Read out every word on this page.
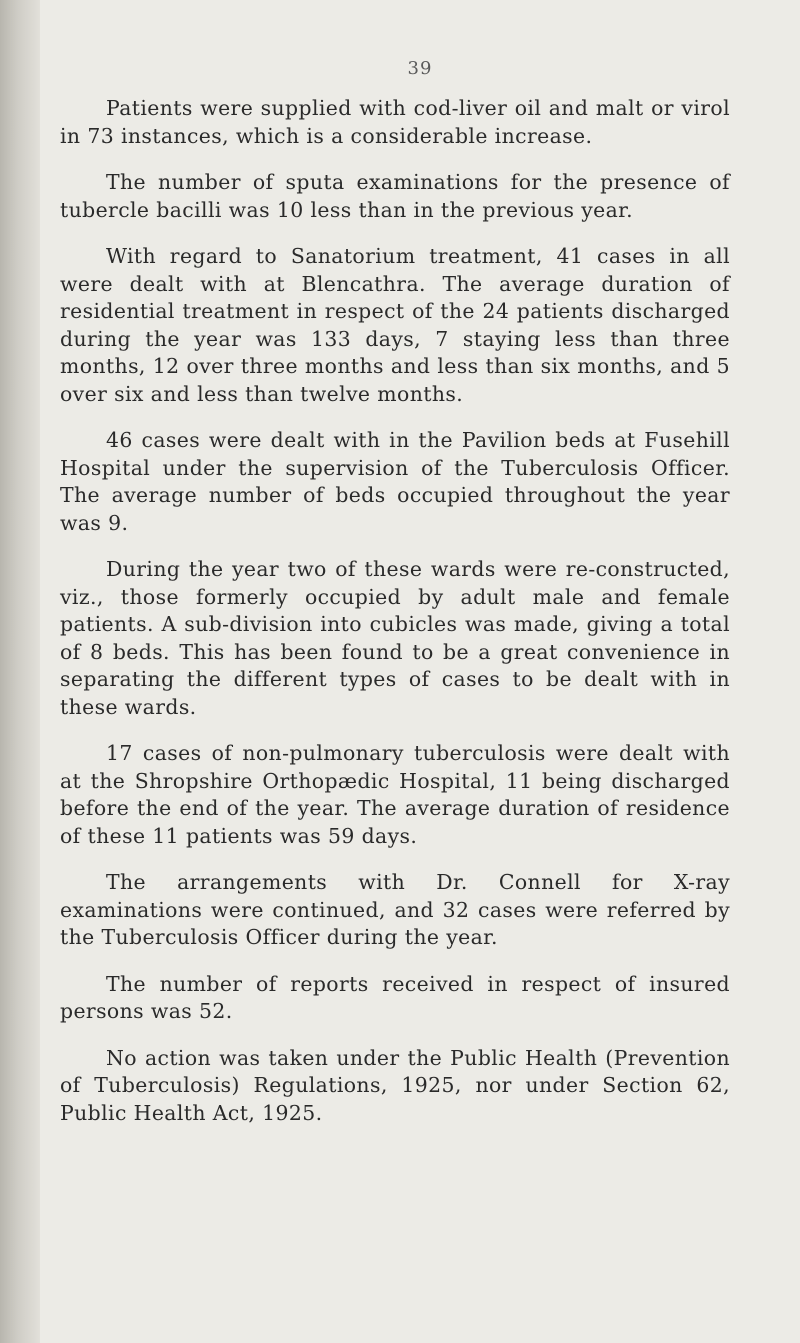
39

Patients were supplied with cod-liver oil and malt or virol in 73 instances, which is a considerable increase.

The number of sputa examinations for the presence of tubercle bacilli was 10 less than in the previous year.

With regard to Sanatorium treatment, 41 cases in all were dealt with at Blencathra. The average duration of residential treatment in respect of the 24 patients discharged during the year was 133 days, 7 staying less than three months, 12 over three months and less than six months, and 5 over six and less than twelve months.

46 cases were dealt with in the Pavilion beds at Fusehill Hospital under the supervision of the Tuberculosis Officer. The average number of beds occupied throughout the year was 9.

During the year two of these wards were re-constructed, viz., those formerly occupied by adult male and female patients. A sub-division into cubicles was made, giving a total of 8 beds. This has been found to be a great convenience in separating the different types of cases to be dealt with in these wards.

17 cases of non-pulmonary tuberculosis were dealt with at the Shropshire Orthopædic Hospital, 11 being discharged before the end of the year. The average duration of residence of these 11 patients was 59 days.

The arrangements with Dr. Connell for X-ray examinations were continued, and 32 cases were referred by the Tuberculosis Officer during the year.

The number of reports received in respect of insured persons was 52.

No action was taken under the Public Health (Prevention of Tuberculosis) Regulations, 1925, nor under Section 62, Public Health Act, 1925.
